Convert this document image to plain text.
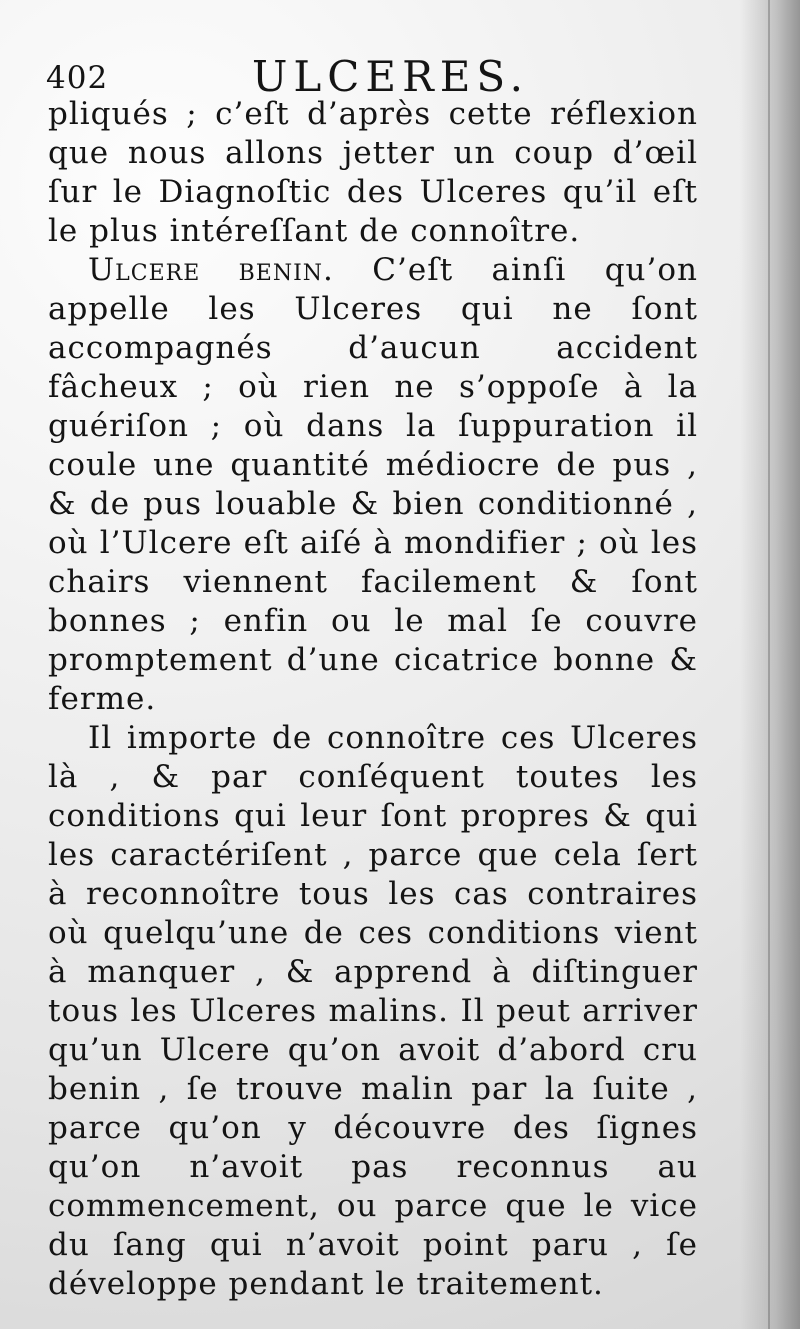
402	ULCERES.

pliqués ; c’eſt d’après cette réflexion que nous allons jetter un coup d’œil ſur le Diagnoſtic des Ulceres qu’il eſt le plus intéreſſant de connoître.

Ulcere benin. C’eſt ainſi qu’on appelle les Ulceres qui ne ſont accompagnés d’aucun accident fâcheux ; où rien ne s’oppoſe à la guériſon ; où dans la ſuppuration il coule une quantité médiocre de pus , & de pus louable & bien conditionné , où l’Ulcere eſt aiſé à mondifier ; où les chairs viennent facilement & ſont bonnes ; enfin ou le mal ſe couvre promptement d’une cicatrice bonne & ferme.

Il importe de connoître ces Ulceres là , & par conſéquent toutes les conditions qui leur ſont propres & qui les caractériſent , parce que cela ſert à reconnoître tous les cas contraires où quelqu’une de ces conditions vient à manquer , & apprend à diſtinguer tous les Ulceres malins. Il peut arriver qu’un Ulcere qu’on avoit d’abord cru benin , ſe trouve malin par la ſuite , parce qu’on y découvre des ſignes qu’on n’avoit pas reconnus au commencement, ou parce que le vice du ſang qui n’avoit point paru , ſe développe pendant le traitement.
